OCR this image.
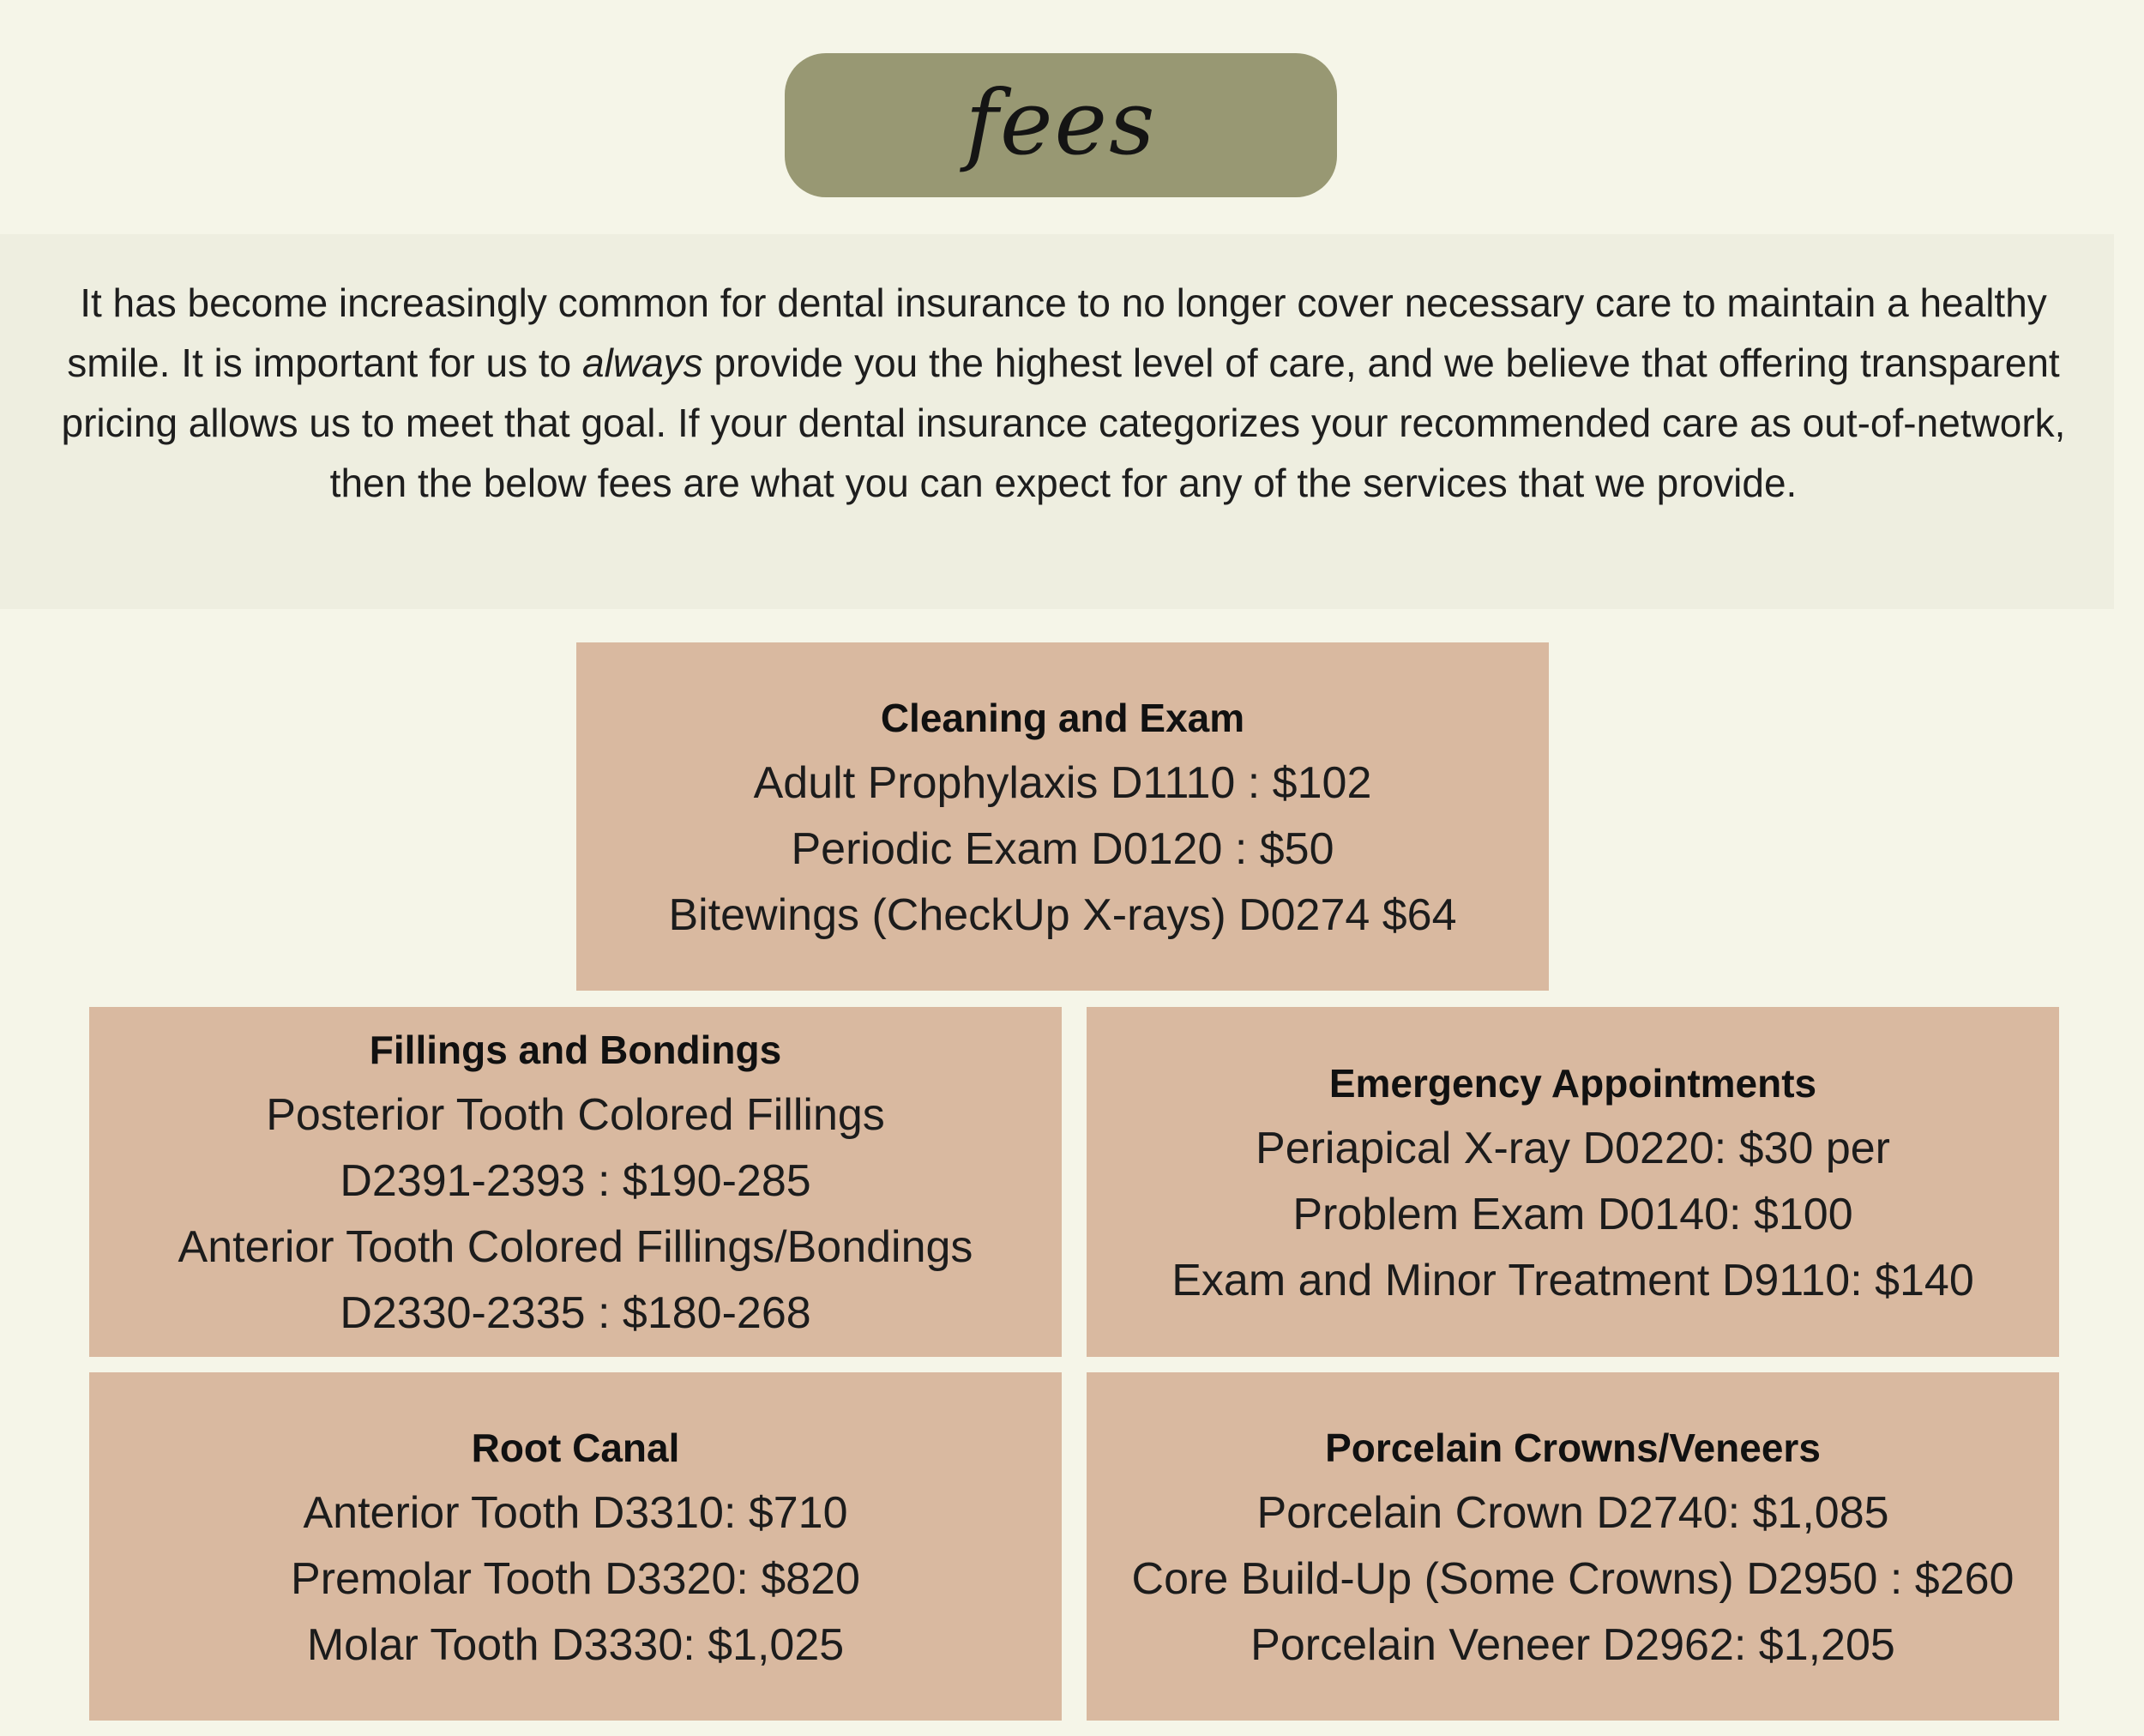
fees

It has become increasingly common for dental insurance to no longer cover necessary care to maintain a healthy smile. It is important for us to always provide you the highest level of care, and we believe that offering transparent pricing allows us to meet that goal. If your dental insurance categorizes your recommended care as out-of-network, then the below fees are what you can expect for any of the services that we provide.

Cleaning and Exam
Adult Prophylaxis D1110 : $102
Periodic Exam D0120 : $50
Bitewings (CheckUp X-rays) D0274 $64
Fillings and Bondings
Posterior Tooth Colored Fillings
D2391-2393 : $190-285
Anterior Tooth Colored Fillings/Bondings
D2330-2335 : $180-268
Emergency Appointments
Periapical X-ray D0220: $30 per
Problem Exam D0140: $100
Exam and Minor Treatment D9110: $140
Root Canal
Anterior Tooth D3310: $710
Premolar Tooth D3320: $820
Molar Tooth D3330: $1,025
Porcelain Crowns/Veneers
Porcelain Crown D2740: $1,085
Core Build-Up (Some Crowns) D2950 : $260
Porcelain Veneer D2962: $1,205
